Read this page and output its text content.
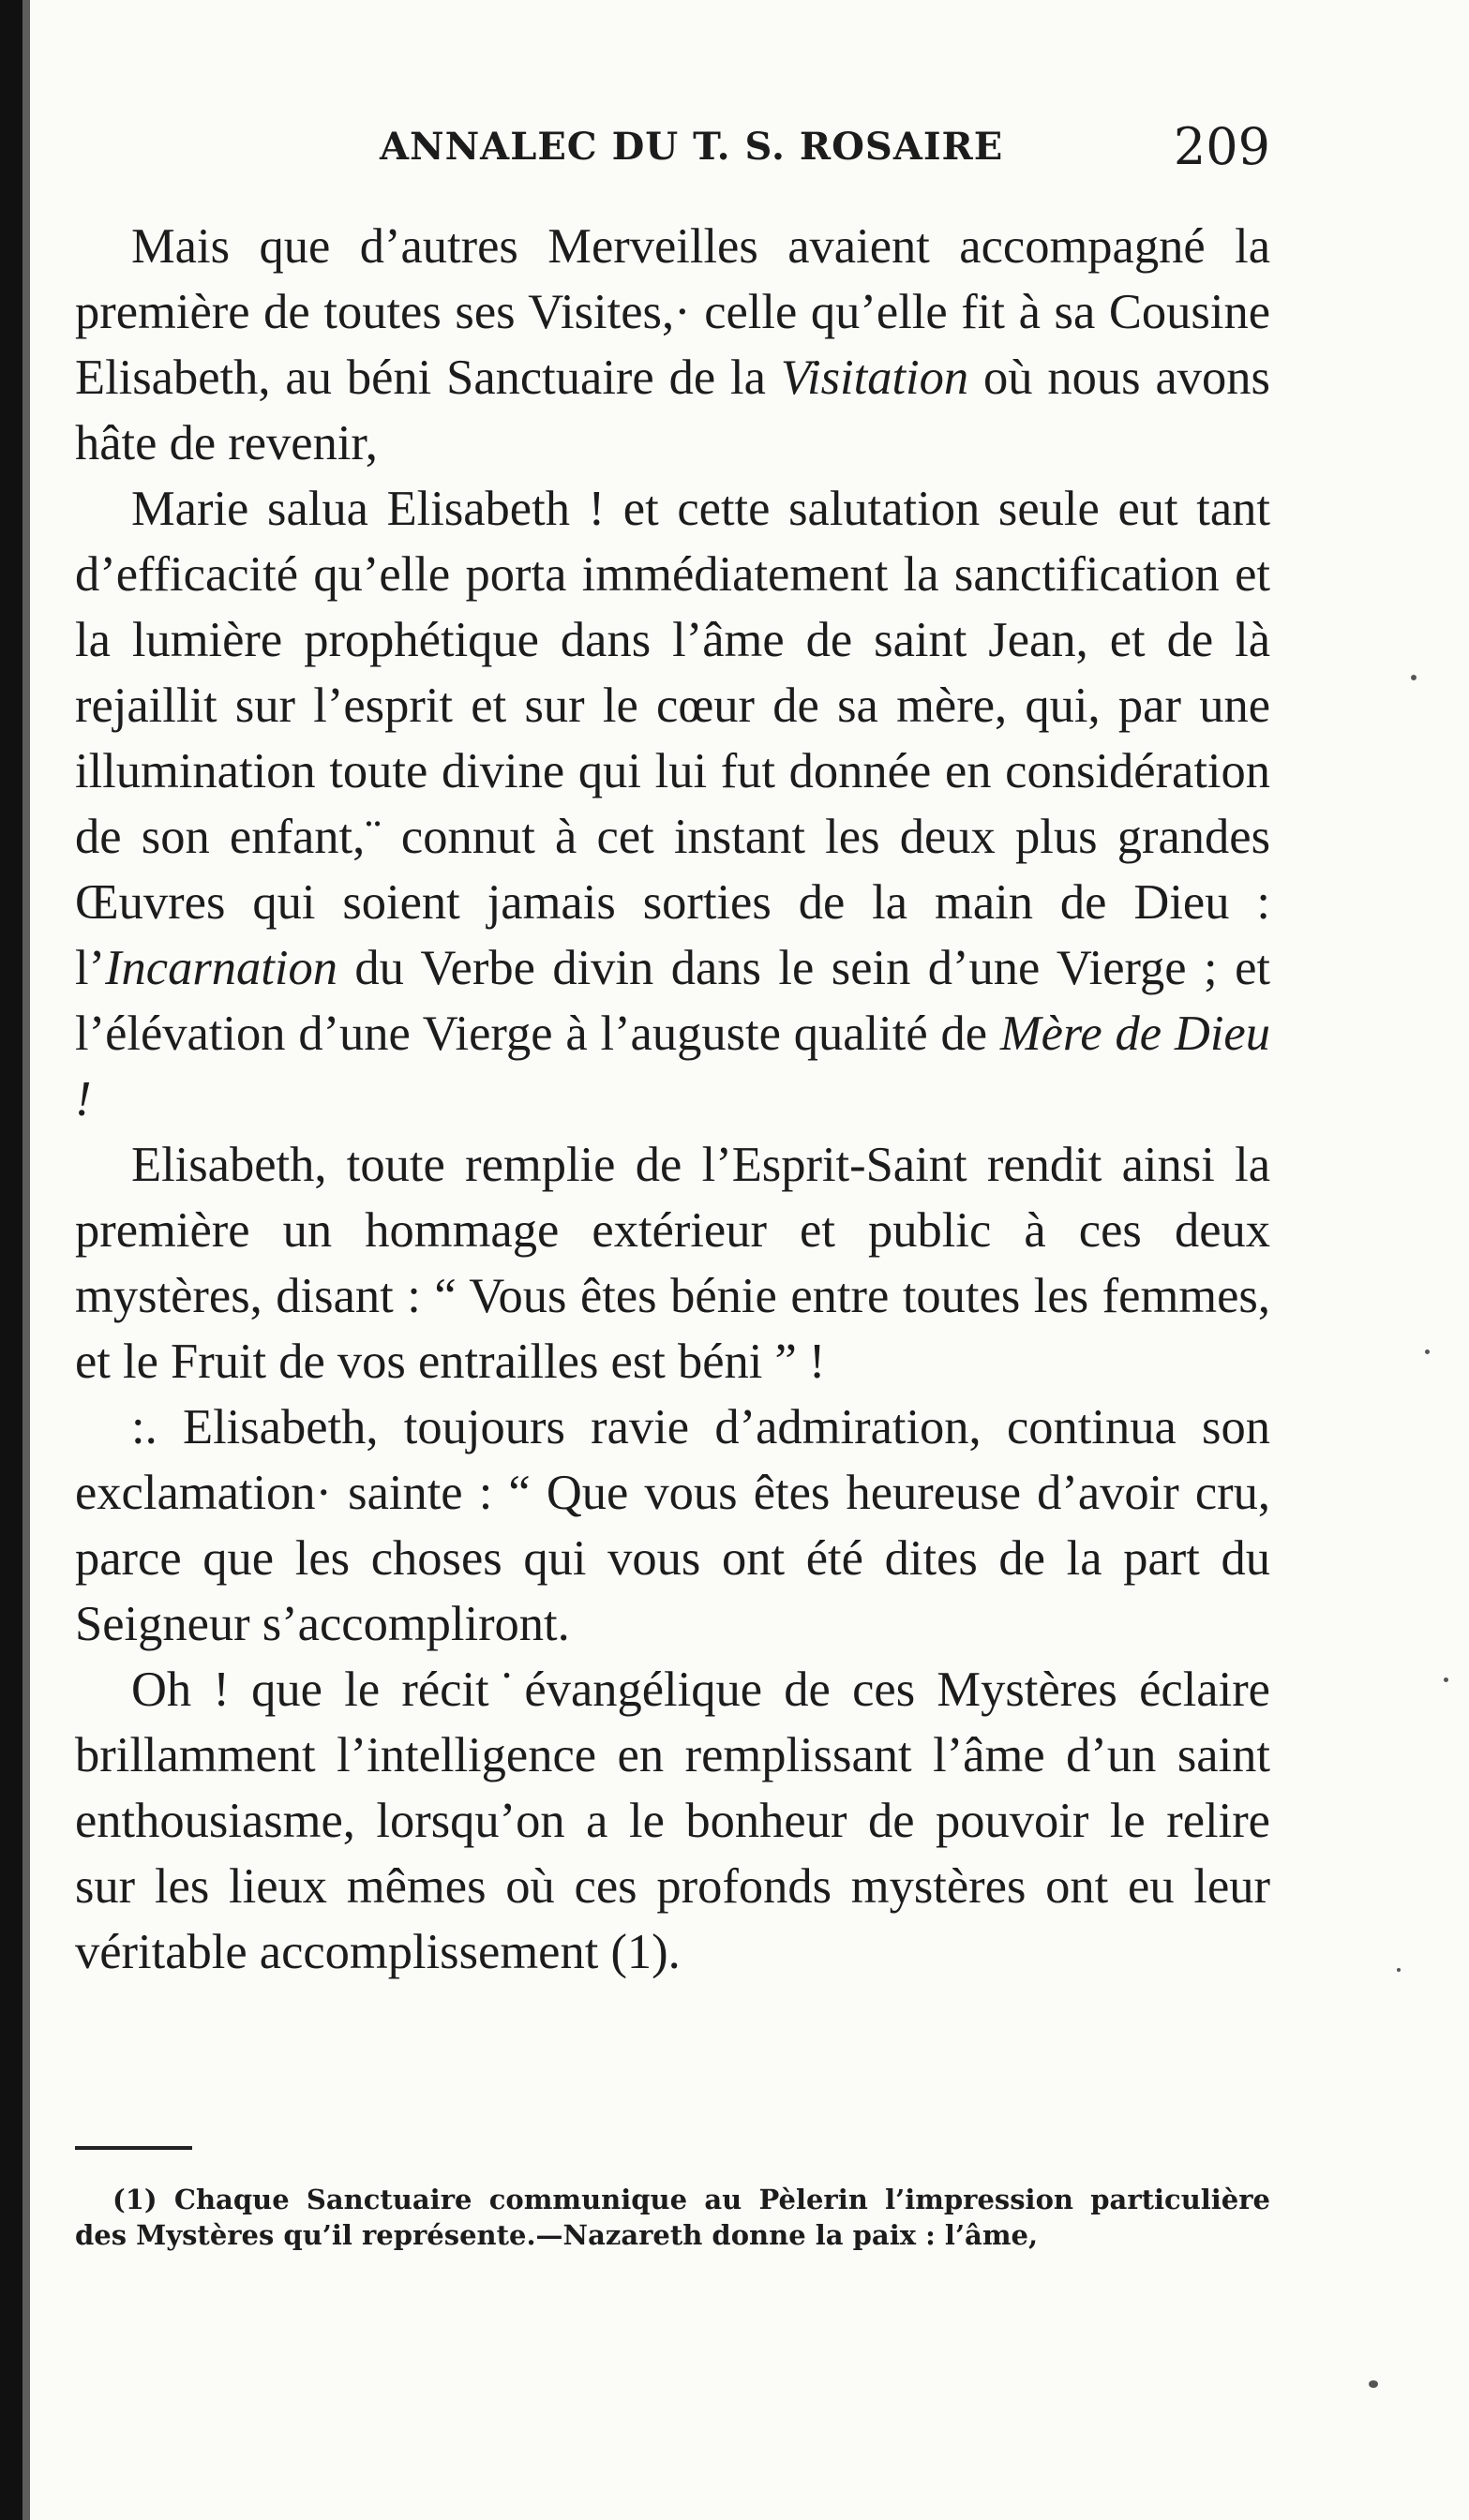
ANNALEC DU T. S. ROSAIRE	209

Mais que d’autres Merveilles avaient accompagné la première de toutes ses Visites,· celle qu’elle fit à sa Cousine Elisabeth, au béni Sanctuaire de la Visitation où nous avons hâte de revenir,

Marie salua Elisabeth ! et cette salutation seule eut tant d’efficacité qu’elle porta immédiatement la sanctification et la lumière prophétique dans l’âme de saint Jean, et de là rejaillit sur l’esprit et sur le cœur de sa mère, qui, par une illumination toute divine qui lui fut donnée en considération de son enfant,¨ connut à cet instant les deux plus grandes Œuvres qui soient jamais sorties de la main de Dieu : l’Incarnation du Verbe divin dans le sein d’une Vierge ; et l’élévation d’une Vierge à l’auguste qualité de Mère de Dieu !

Elisabeth, toute remplie de l’Esprit-Saint rendit ainsi la première un hommage extérieur et public à ces deux mystères, disant : “ Vous êtes bénie entre toutes les femmes, et le Fruit de vos entrailles est béni ” !

:. Elisabeth, toujours ravie d’admiration, continua son exclamation· sainte : “ Que vous êtes heureuse d’avoir cru, parce que les choses qui vous ont été dites de la part du Seigneur s’accompliront.

Oh ! que le récit˙évangélique de ces Mystères éclaire brillamment l’intelligence en remplissant l’âme d’un saint enthousiasme, lorsqu’on a le bonheur de pouvoir le relire sur les lieux mêmes où ces profonds mystères ont eu leur véritable accomplissement (1).

(1) Chaque Sanctuaire communique au Pèlerin l’impression particulière des Mystères qu’il représente.—Nazareth donne la paix : l’âme,
